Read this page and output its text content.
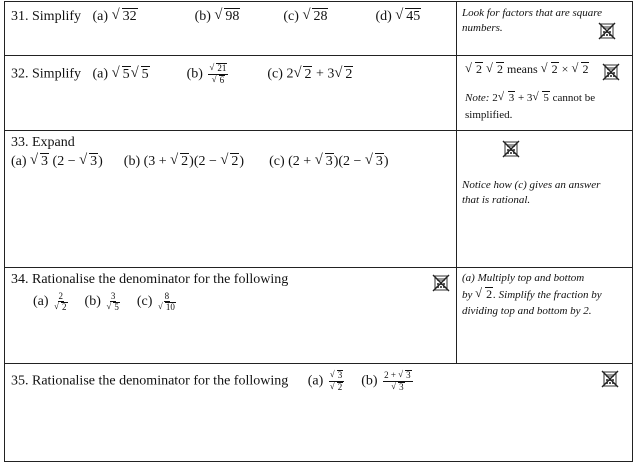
31. Simplify (a) √ 32	(b) √ 98	(c) √ 28	(d) √ 45	Look for factors that are square numbers.
32. Simplify (a) √ 5 √ 5	(b) √ 21
√ 6	(c) 2 √ 2 + 3 √ 2	√ 2 √ 2 means √ 2 × √ 2
Note: 2 √ 3 + 3 √ 5 cannot be simplified.
33. Expand
(a) √ 3 (2 − √ 3) (b) (3 + √ 2)(2 − √ 2) (c) (2 + √ 3)(2 − √ 3)
Notice how (c) gives an answer that is rational.
34. Rationalise the denominator for the following
(a) 2
√ 2 (b) 3
√ 5 (c) 8
√ 10
(a) Multiply top and bottom
by √ 2. Simplify the fraction by
dividing top and bottom by 2.
35. Rationalise the denominator for the following (a) √ 3
√ 2 (b) 2 + √ 3
√ 3
